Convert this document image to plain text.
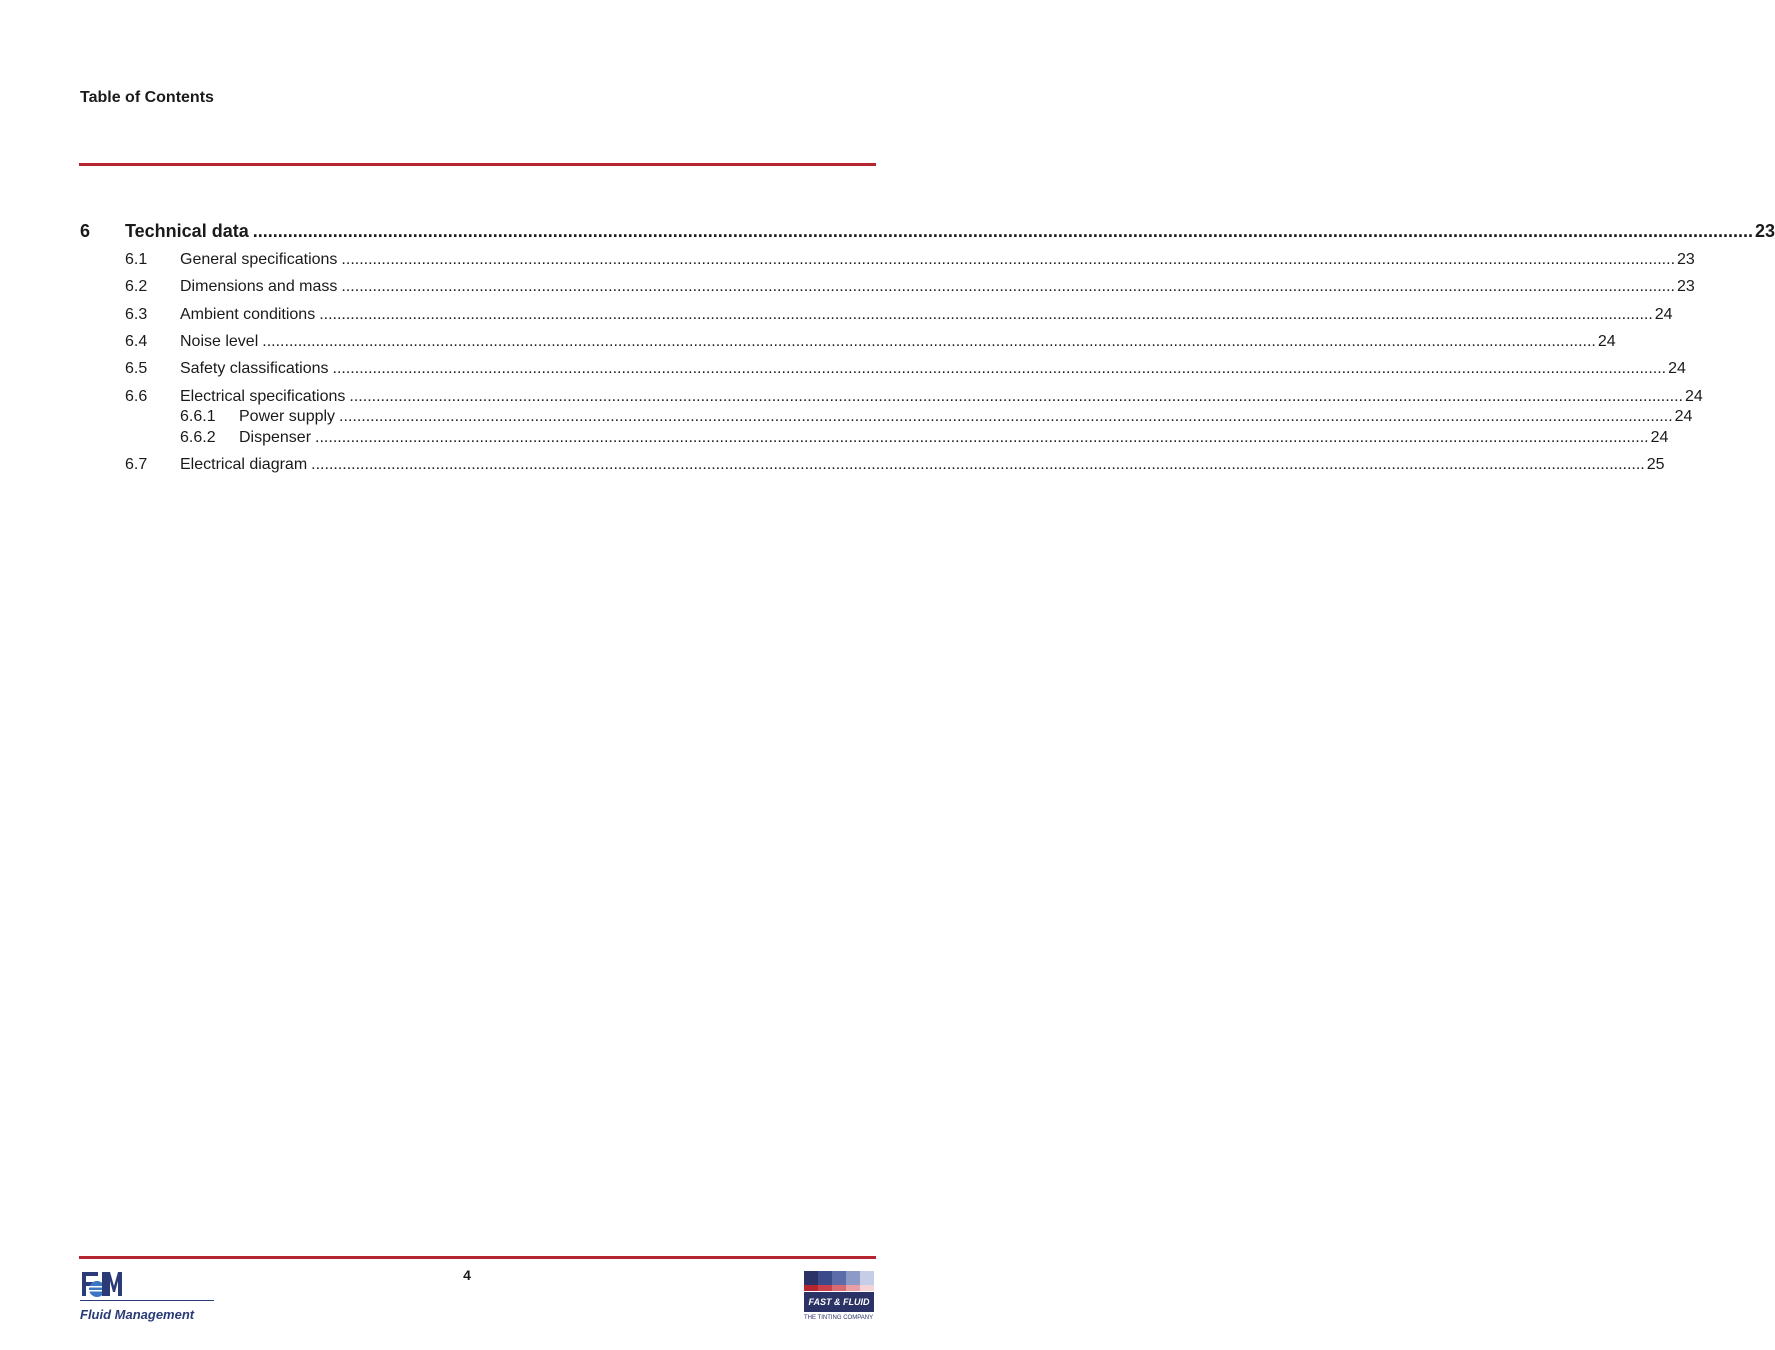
Table of Contents
6	Technical data ............................................................................................................................................................................................................................................................................................................ 23
6.1	General specifications ............................................................................................................................................................................................................................................................................................................ 23
6.2	Dimensions and mass ............................................................................................................................................................................................................................................................................................................ 23
6.3	Ambient conditions ............................................................................................................................................................................................................................................................................................................ 24
6.4	Noise level ............................................................................................................................................................................................................................................................................................................ 24
6.5	Safety classifications ............................................................................................................................................................................................................................................................................................................ 24
6.6	Electrical specifications ............................................................................................................................................................................................................................................................................................................ 24
6.6.1	Power supply ............................................................................................................................................................................................................................................................................................................ 24
6.6.2	Dispenser ............................................................................................................................................................................................................................................................................................................ 24
6.7	Electrical diagram ............................................................................................................................................................................................................................................................................................................ 25
4
Fluid Management
FAST & FLUID
THE TINTING COMPANY
